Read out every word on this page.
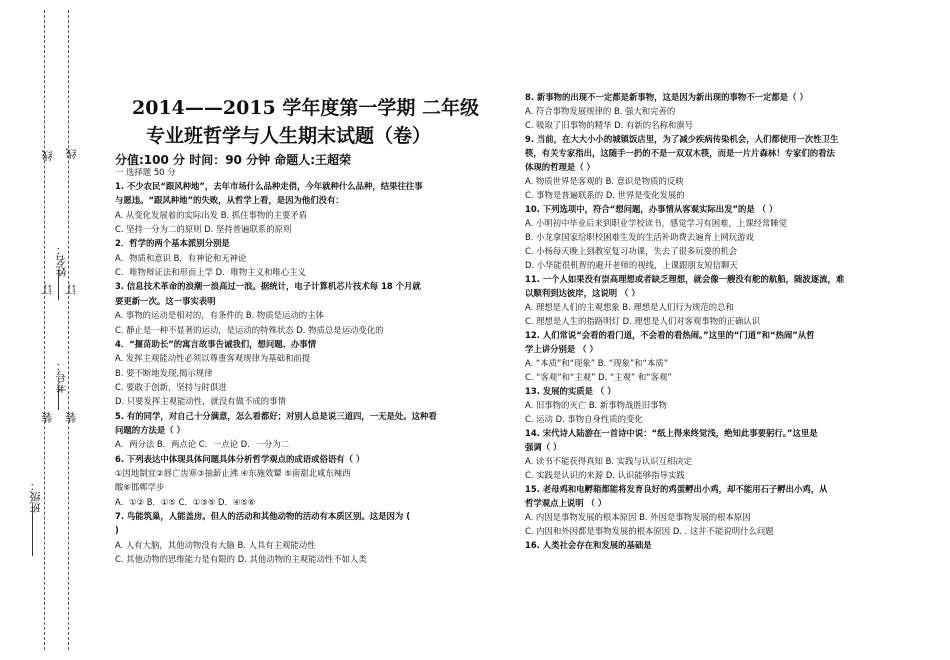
线 线
姓名：
订 订
考号：
装 装
班级：
2014——2015 学年度第一学期 二年级
专业班哲学与人生期末试题（卷）
分值:100 分 时间：90 分钟 命题人:王超荣
一 选择题 50 分
1. 不少农民“跟风种地”，去年市场什么品种走俏，今年就种什么品种，结果往往事
与愿违。“跟风种地”的失败，从哲学上看，是因为他们没有：
A. 从变化发展着的实际出发 B. 抓住事物的主要矛盾
C. 坚持一分为二的原则 D. 坚持普遍联系的原则
2．哲学的两个基本派别分别是
A．物质和意识 B．有神论和无神论
C．唯物辩证法和形而上学 D．唯物主义和唯心主义
3. 信息技术革命的浪潮一浪高过一浪。据统计，电子计算机芯片技术每 18 个月就
要更新一次。这一事实表明
A. 事物的运动是相对的，有条件的 B. 物质是运动的主体
C. 静止是一种不显著的运动，是运动的特殊状态 D. 物质总是运动变化的
4．“揠苗助长”的寓言故事告诫我们，想问题、办事情
A. 发挥主观能动性必须以尊重客观规律为基础和前提
B. 要不断地发现,揭示规律
C. 要敢于创新，坚持与时俱进
D. 只要发挥主观能动性，就没有做不成的事情
5. 有的同学，对自己十分满意，怎么看都好；对别人总是说三道四，一无是处。这种看
问题的方法是（ ）
A．两分法 B．两点论 C．一点论 D．一分为二
6. 下列表达中体现具体问题具体分析哲学观点的成语或俗语有（ ）
①因地制宜②唇亡齿寒③抽薪止沸 ④东施效颦 ⑤南甜北咸东辣西
酸⑥邯郸学步
A．①② B．①⑤ C．①③⑤ D．④⑤⑥
7. 鸟能筑巢，人能盖房。但人的活动和其他动物的活动有本质区别。这是因为 (
)
A. 人有大脑，其他动物没有大脑 B. 人具有主观能动性
C. 其他动物的思维能力是有限的 D. 其他动物的主观能动性不如人类
8. 新事物的出现不一定都是新事物，这是因为新出现的事物不一定都是（ ）
A. 符合事物发展规律的 B. 强大和完善的
C. 吸取了旧事物的精华 D. 有新的名称和旗号
9. 当前，在大大小小的城镇饭店里，为了减少疾病传染机会，人们都使用一次性卫生
筷，有关专家指出，这随手一扔的不是一双双木筷，而是一片片森林！专家们的看法
体现的哲理是（ ）
A. 物质世界是客观的 B. 意识是物质的反映
C. 事物是普遍联系的 D. 世界是变化发展的
10. 下列选项中，符合“想问题，办事情从客观实际出发”的是 （ ）
A. 小明初中毕业后来到职业学校读书，感觉学习有困难，上课经常睡觉
B. 小龙拿国家给职校困难生发的生活补助费去遍育上网玩游戏
C. 小杨每天晚上到教室复习功课，失去了很多玩耍的机会
D. 小华能很机智的避开老师的视线，上课跟朋友短信聊天
11. 一个人如果没有崇高理想或者缺乏理想，就会像一艘没有舵的航船，随波逐流，难
以顺利到达彼岸，这说明 （ ）
A. 理想是人们的主观想象 B. 理想是人们行为规范的总和
C. 理想是人生的指路明灯 D. 理想是人们对客观事物的正确认识
12. 人们常说“会看的看门道，不会看的看热闹。”这里的“门道”和“热闹”从哲
学上讲分别是 （ ）
A. “本质”和“现象” B. “现象”和“本质”
C. “客观”和“主观” D. “主观” 和“客观”
13. 发展的实质是 （ ）
A. 旧事物的灭亡 B. 新事物战胜旧事物
C. 运动 D. 事物自身性质的变化
14. 宋代诗人陆游在一首诗中说：“纸上得来终觉浅，绝知此事要躬行。”这里是
强调（ ）
A. 读书不能获得真知 B. 实践与认识互相决定
C. 实践是认识的来源 D. 认识能够指导实践
15. 老母鸡和电孵箱都能将发育良好的鸡蛋孵出小鸡，却不能用石子孵出小鸡，从
哲学观点上说明 （ ）
A. 内因是事物发展的根本原因 B. 外因是事物发展的根本原因
C. 内因和外因都是事物发展的根本原因 D. . 这并不能说明什么问题
16. 人类社会存在和发展的基础是
